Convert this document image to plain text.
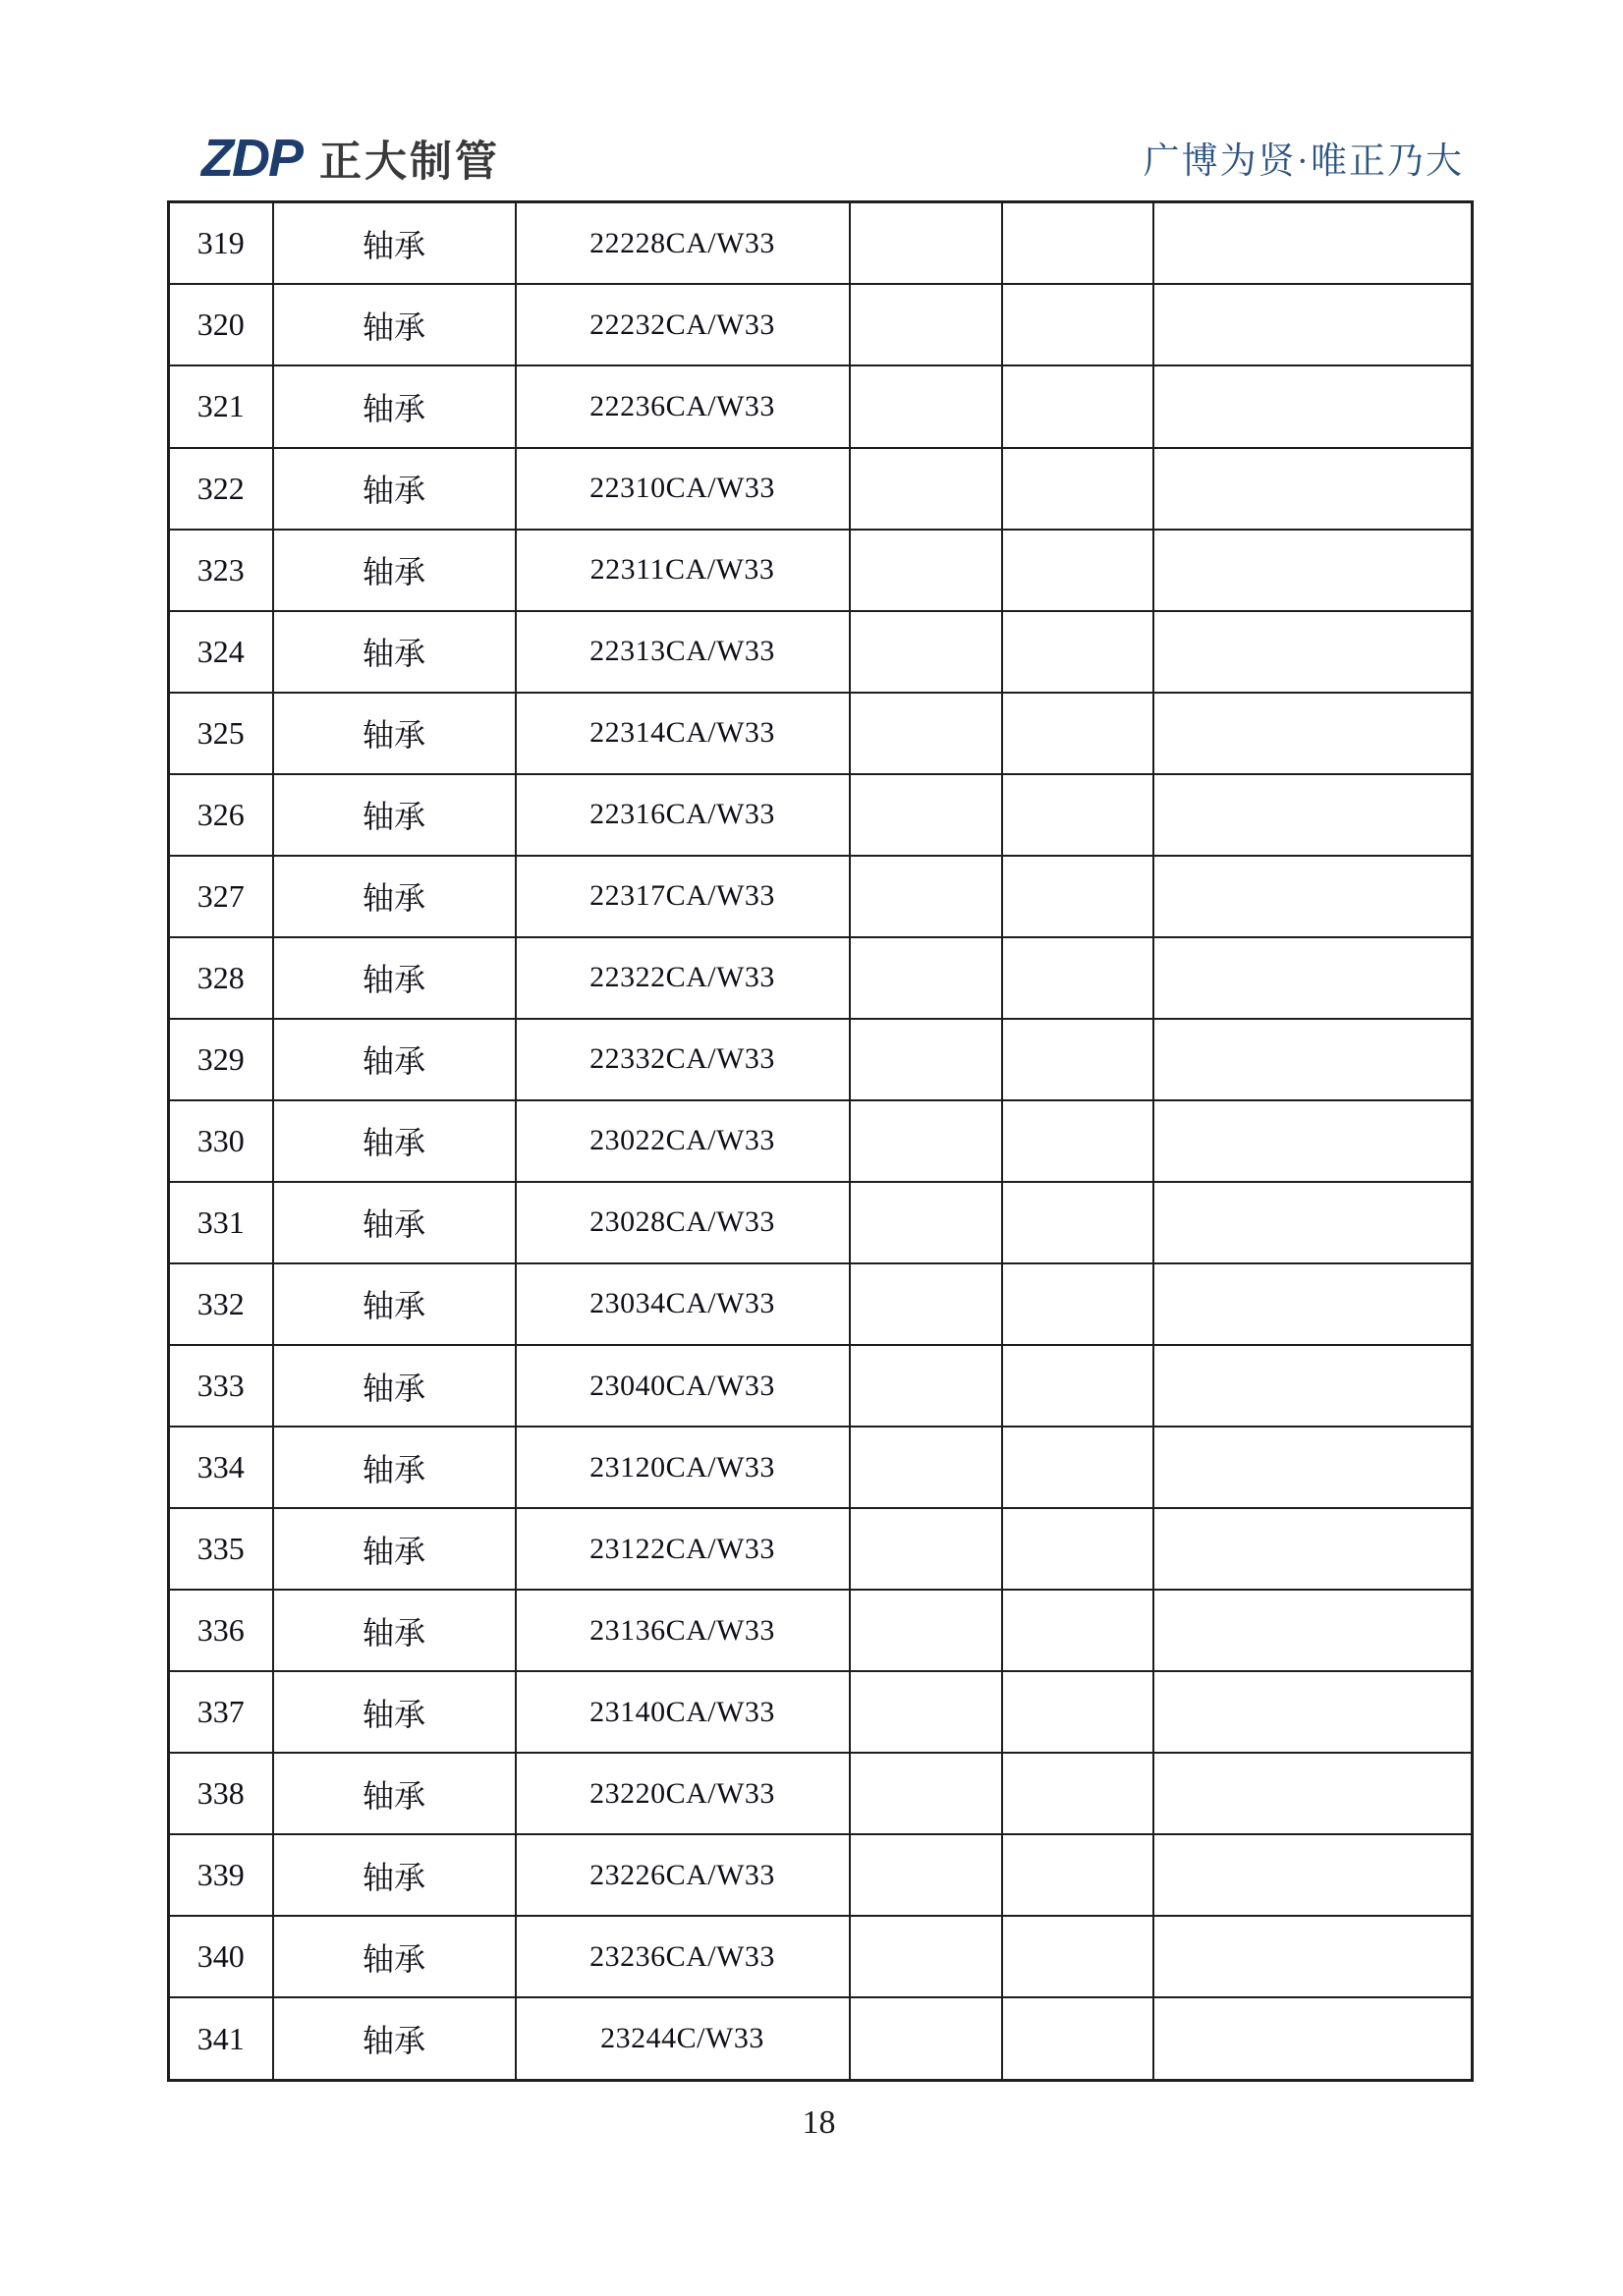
ZDP 正大制管	广博为贤·唯正乃大
319	轴承	22228CA/W33			
320	轴承	22232CA/W33			
321	轴承	22236CA/W33			
322	轴承	22310CA/W33			
323	轴承	22311CA/W33			
324	轴承	22313CA/W33			
325	轴承	22314CA/W33			
326	轴承	22316CA/W33			
327	轴承	22317CA/W33			
328	轴承	22322CA/W33			
329	轴承	22332CA/W33			
330	轴承	23022CA/W33			
331	轴承	23028CA/W33			
332	轴承	23034CA/W33			
333	轴承	23040CA/W33			
334	轴承	23120CA/W33			
335	轴承	23122CA/W33			
336	轴承	23136CA/W33			
337	轴承	23140CA/W33			
338	轴承	23220CA/W33			
339	轴承	23226CA/W33			
340	轴承	23236CA/W33			
341	轴承	23244C/W33			
18
